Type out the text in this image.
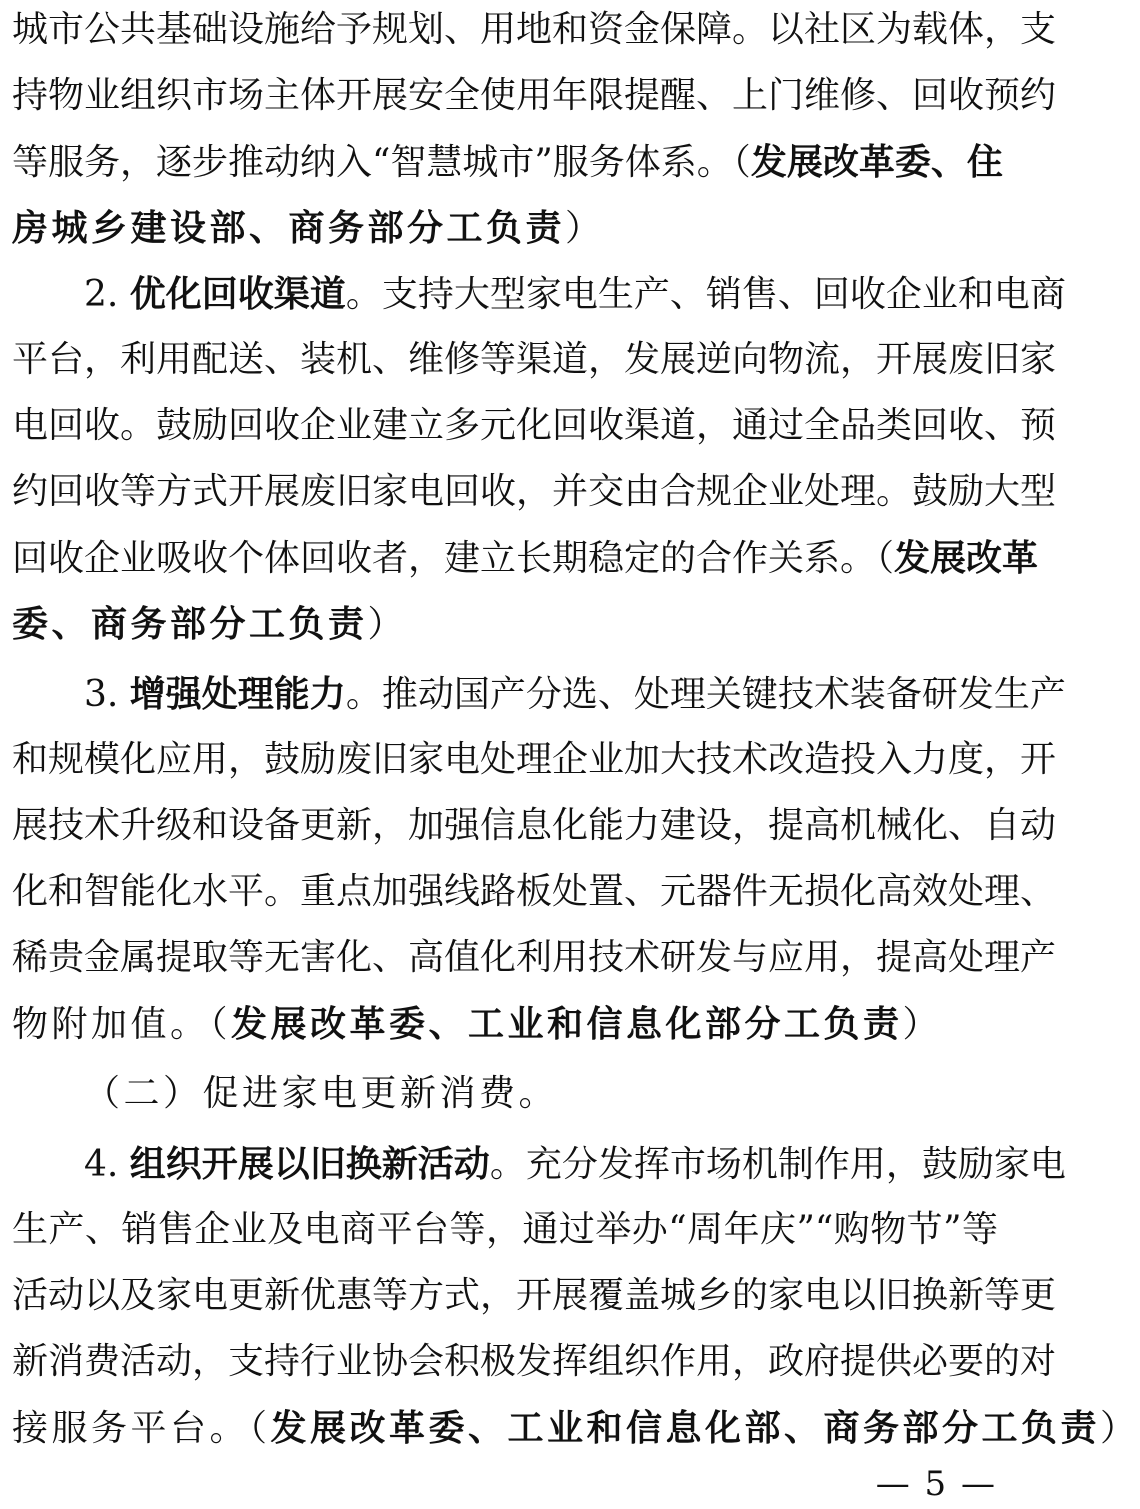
城市公共基础设施给予规划、用地和资金保障。以社区为载体，支
持物业组织市场主体开展安全使用年限提醒、上门维修、回收预约
等服务，逐步推动纳入“智慧城市”服务体系。（发展改革委、住
房城乡建设部、商务部分工负责）
2. 优化回收渠道。支持大型家电生产、销售、回收企业和电商
平台，利用配送、装机、维修等渠道，发展逆向物流，开展废旧家
电回收。鼓励回收企业建立多元化回收渠道，通过全品类回收、预
约回收等方式开展废旧家电回收，并交由合规企业处理。鼓励大型
回收企业吸收个体回收者，建立长期稳定的合作关系。（发展改革
委、商务部分工负责）
3. 增强处理能力。推动国产分选、处理关键技术装备研发生产
和规模化应用，鼓励废旧家电处理企业加大技术改造投入力度，开
展技术升级和设备更新，加强信息化能力建设，提高机械化、自动
化和智能化水平。重点加强线路板处置、元器件无损化高效处理、
稀贵金属提取等无害化、高值化利用技术研发与应用，提高处理产
物附加值。（发展改革委、工业和信息化部分工负责）
（二）促进家电更新消费。
4. 组织开展以旧换新活动。充分发挥市场机制作用，鼓励家电
生产、销售企业及电商平台等，通过举办“周年庆”“购物节”等
活动以及家电更新优惠等方式，开展覆盖城乡的家电以旧换新等更
新消费活动，支持行业协会积极发挥组织作用，政府提供必要的对
接服务平台。（发展改革委、工业和信息化部、商务部分工负责）
— 5 —
